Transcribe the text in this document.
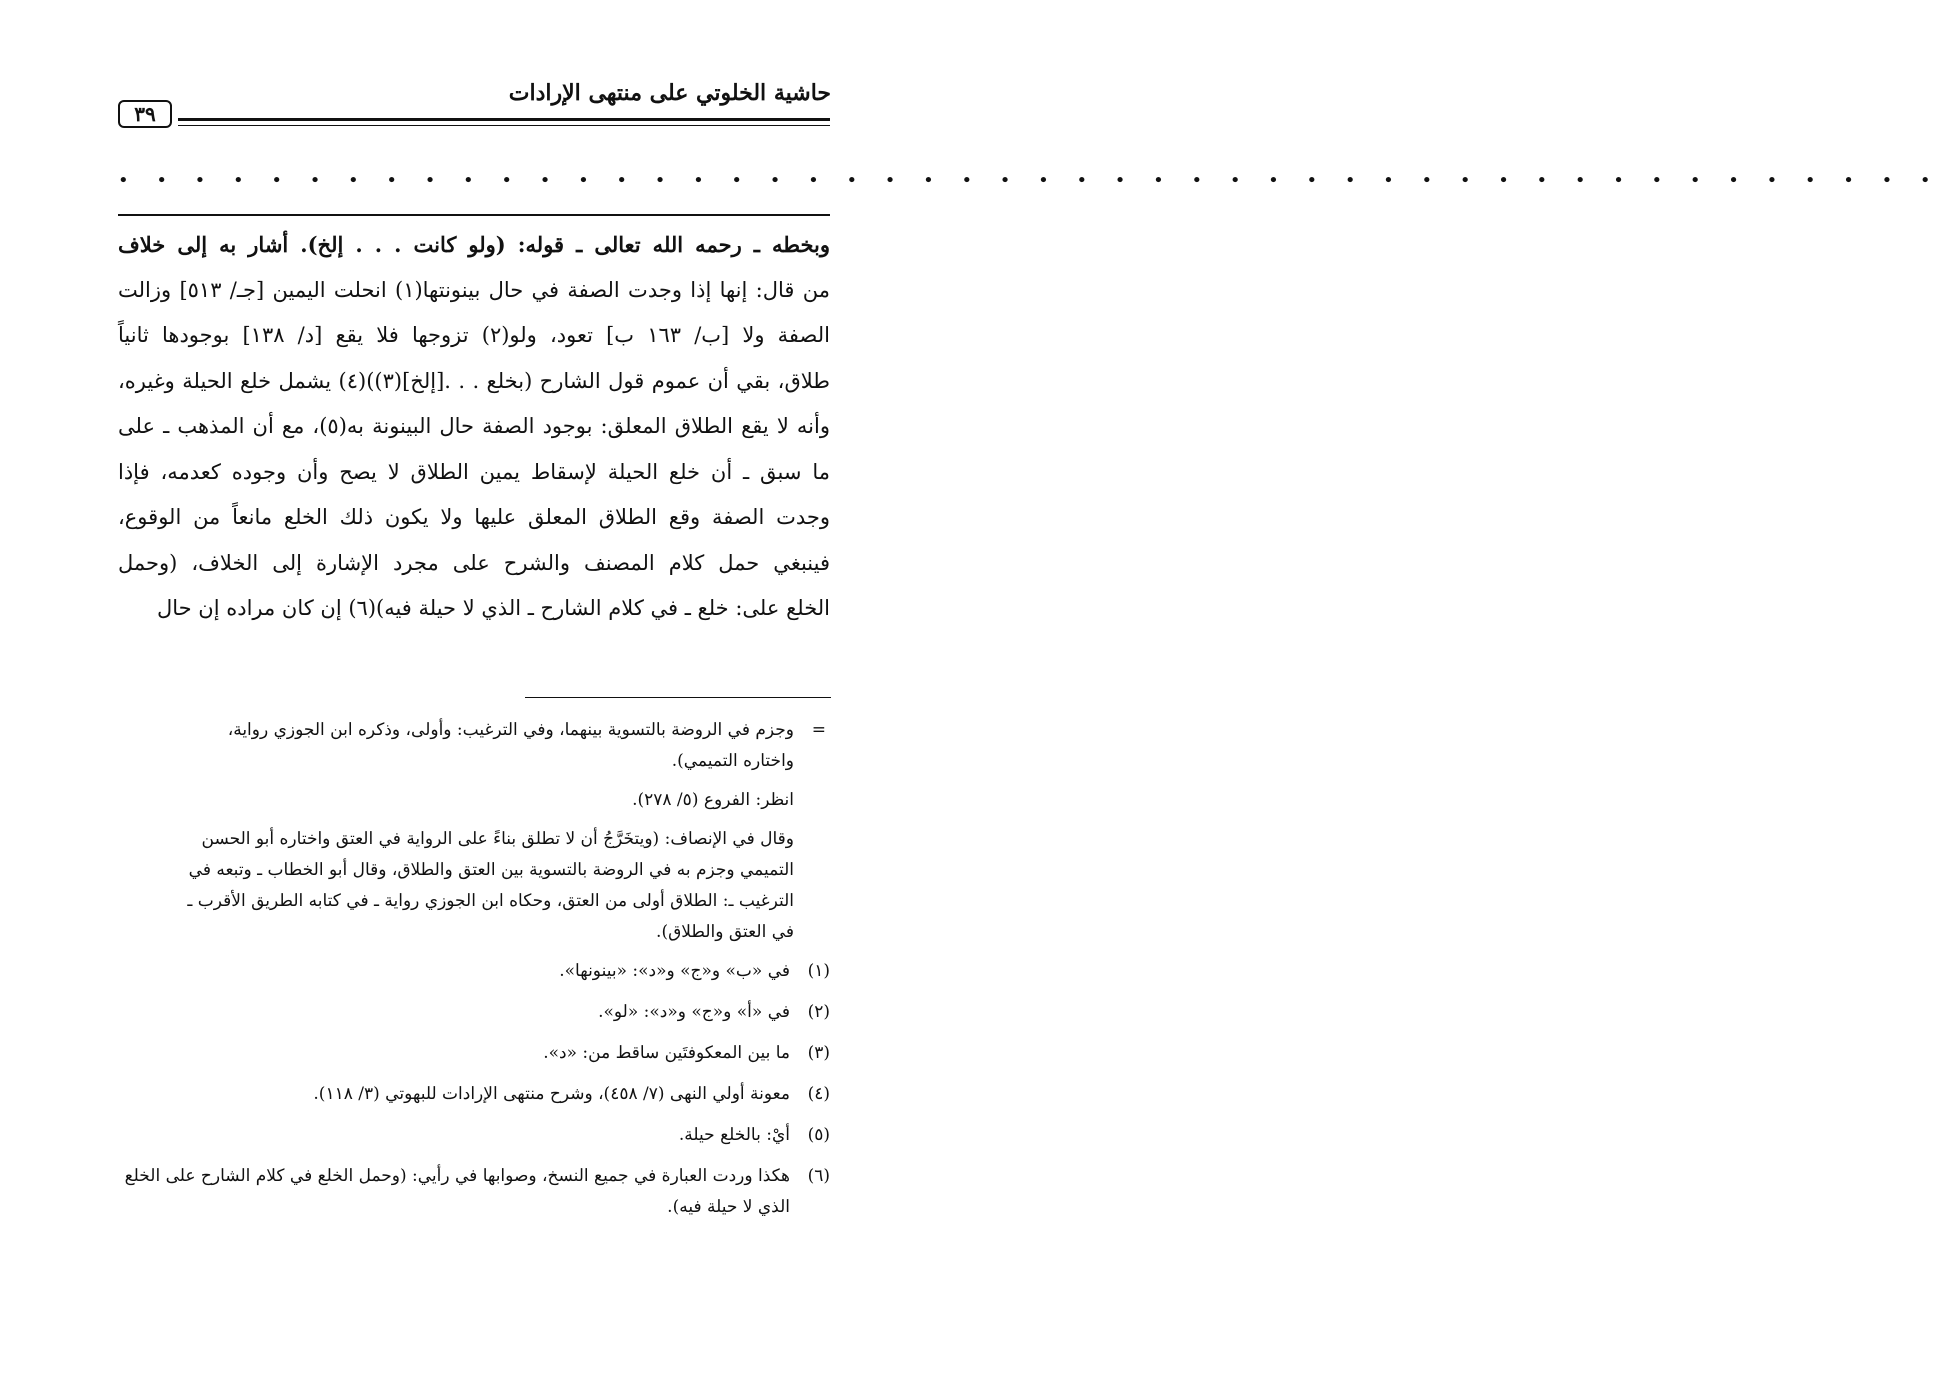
حاشية الخلوتي على منتهى الإرادات
٣٩
• • • • • • • • • • • • • • • • • • • • • • • • • • • • • • • • • • • • • • • • • • • • • • • •
وبخطه ـ رحمه الله تعالى ـ قوله: (ولو كانت . . . إلخ). أشار به إلى خلاف
من قال: إنها إذا وجدت الصفة في حال بينونتها(١) انحلت اليمين [جـ/ ٥١٣] وزالت
الصفة ولا [ب/ ١٦٣ ب] تعود، ولو(٢) تزوجها فلا يقع [د/ ١٣٨] بوجودها ثانياً
طلاق، بقي أن عموم قول الشارح (بخلع . . .[إلخ](٣))(٤) يشمل خلع الحيلة وغيره،
وأنه لا يقع الطلاق المعلق: بوجود الصفة حال البينونة به(٥)، مع أن المذهب ـ على
ما سبق ـ أن خلع الحيلة لإسقاط يمين الطلاق لا يصح وأن وجوده كعدمه، فإذا
وجدت الصفة وقع الطلاق المعلق عليها ولا يكون ذلك الخلع مانعاً من الوقوع،
فينبغي حمل كلام المصنف والشرح على مجرد الإشارة إلى الخلاف، (وحمل
الخلع على: خلع ـ في كلام الشارح ـ الذي لا حيلة فيه)(٦) إن كان مراده إن حال
=
وجزم في الروضة بالتسوية بينهما، وفي الترغيب: وأولى، وذكره ابن الجوزي رواية،
واختاره التميمي).
انظر: الفروع (٥/ ٢٧٨).
وقال في الإنصاف: (ويتخَرَّجُ أن لا تطلق بناءً على الرواية في العتق واختاره أبو الحسن
التميمي وجزم به في الروضة بالتسوية بين العتق والطلاق، وقال أبو الخطاب ـ وتبعه في
الترغيب ـ: الطلاق أولى من العتق، وحكاه ابن الجوزي رواية ـ في كتابه الطريق الأقرب ـ
في العتق والطلاق).
(١)
في «ب» و«ج» و«د»: «بينونها».
(٢)
في «أ» و«ج» و«د»: «لو».
(٣)
ما بين المعكوفتَين ساقط من: «د».
(٤)
معونة أولي النهى (٧/ ٤٥٨)، وشرح منتهى الإرادات للبهوتي (٣/ ١١٨).
(٥)
أيْ: بالخلع حيلة.
(٦)
هكذا وردت العبارة في جميع النسخ، وصوابها في رأيي: (وحمل الخلع في كلام الشارح على الخلع الذي لا حيلة فيه).
